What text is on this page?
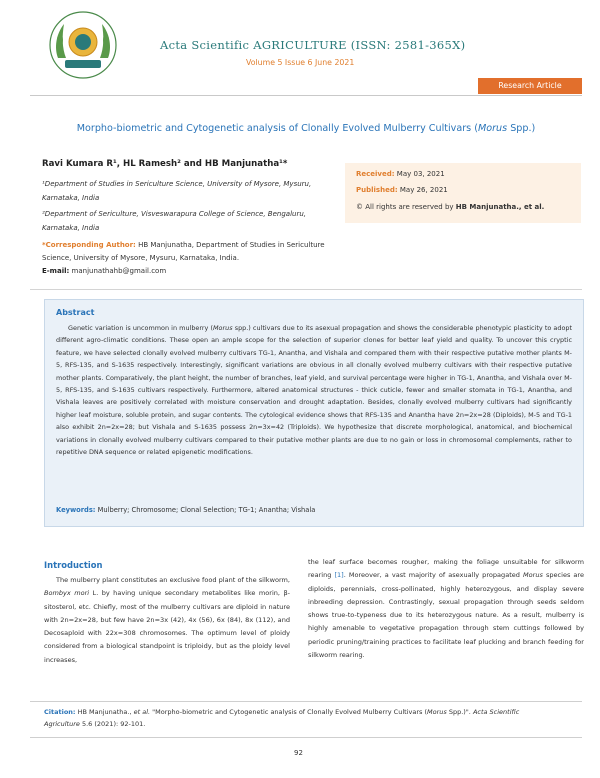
Acta Scientific AGRICULTURE (ISSN: 2581-365X)
Volume 5 Issue 6 June 2021
Research Article
Morpho-biometric and Cytogenetic analysis of Clonally Evolved Mulberry Cultivars (Morus Spp.)
Ravi Kumara R¹, HL Ramesh² and HB Manjunatha¹*
¹Department of Studies in Sericulture Science, University of Mysore, Mysuru,
Karnataka, India
²Department of Sericulture, Visveswarapura College of Science, Bengaluru,
Karnataka, India
*Corresponding Author: HB Manjunatha, Department of Studies in Sericulture Science, University of Mysore, Mysuru, Karnataka, India.
E-mail: manjunathahb@gmail.com
Received: May 03, 2021
Published: May 26, 2021
© All rights are reserved by HB Manjunatha., et al.
Abstract

Genetic variation is uncommon in mulberry (Morus spp.) cultivars due to its asexual propagation and shows the considerable phenotypic plasticity to adopt different agro-climatic conditions. These open an ample scope for the selection of superior clones for better leaf yield and quality. To uncover this cryptic feature, we have selected clonally evolved mulberry cultivars TG-1, Anantha, and Vishala and compared them with their respective putative mother plants M-5, RFS-135, and S-1635 respectively. Interestingly, significant variations are obvious in all clonally evolved mulberry cultivars with their respective putative mother plants. Comparatively, the plant height, the number of branches, leaf yield, and survival percentage were higher in TG-1, Anantha, and Vishala over M-5, RFS-135, and S-1635 cultivars respectively. Furthermore, altered anatomical structures - thick cuticle, fewer and smaller stomata in TG-1, Anantha, and Vishala leaves are positively correlated with moisture conservation and drought adaptation. Besides, clonally evolved mulberry cultivars had significantly higher leaf moisture, soluble protein, and sugar contents. The cytological evidence shows that RFS-135 and Anantha have 2n=2x=28 (Diploids), M-5 and TG-1 also exhibit 2n=2x=28; but Vishala and S-1635 possess 2n=3x=42 (Triploids). We hypothesize that discrete morphological, anatomical, and biochemical variations in clonally evolved mulberry cultivars compared to their putative mother plants are due to no gain or loss in chromosomal complements, rather to repetitive DNA sequence or related epigenetic modifications.

Keywords: Mulberry; Chromosome; Clonal Selection; TG-1; Anantha; Vishala
Introduction
The mulberry plant constitutes an exclusive food plant of the silkworm, Bombyx mori L. by having unique secondary metabolites like morin, β-sitosterol, etc. Chiefly, most of the mulberry cultivars are diploid in nature with 2n=2x=28, but few have 2n=3x (42), 4x (56), 6x (84), 8x (112), and Decosaploid with 22x=308 chromosomes. The optimum level of ploidy considered from a biological standpoint is triploidy, but as the ploidy level increases,
the leaf surface becomes rougher, making the foliage unsuitable for silkworm rearing [1]. Moreover, a vast majority of asexually propagated Morus species are diploids, perennials, cross-pollinated, highly heterozygous, and display severe inbreeding depression. Contrastingly, sexual propagation through seeds seldom shows true-to-typeness due to its heterozygous nature. As a result, mulberry is highly amenable to vegetative propagation through stem cuttings followed by periodic pruning/training practices to facilitate leaf plucking and branch feeding for silkworm rearing.
Citation: HB Manjunatha., et al. "Morpho-biometric and Cytogenetic analysis of Clonally Evolved Mulberry Cultivars (Morus Spp.)". Acta Scientific Agriculture 5.6 (2021): 92-101.
92
